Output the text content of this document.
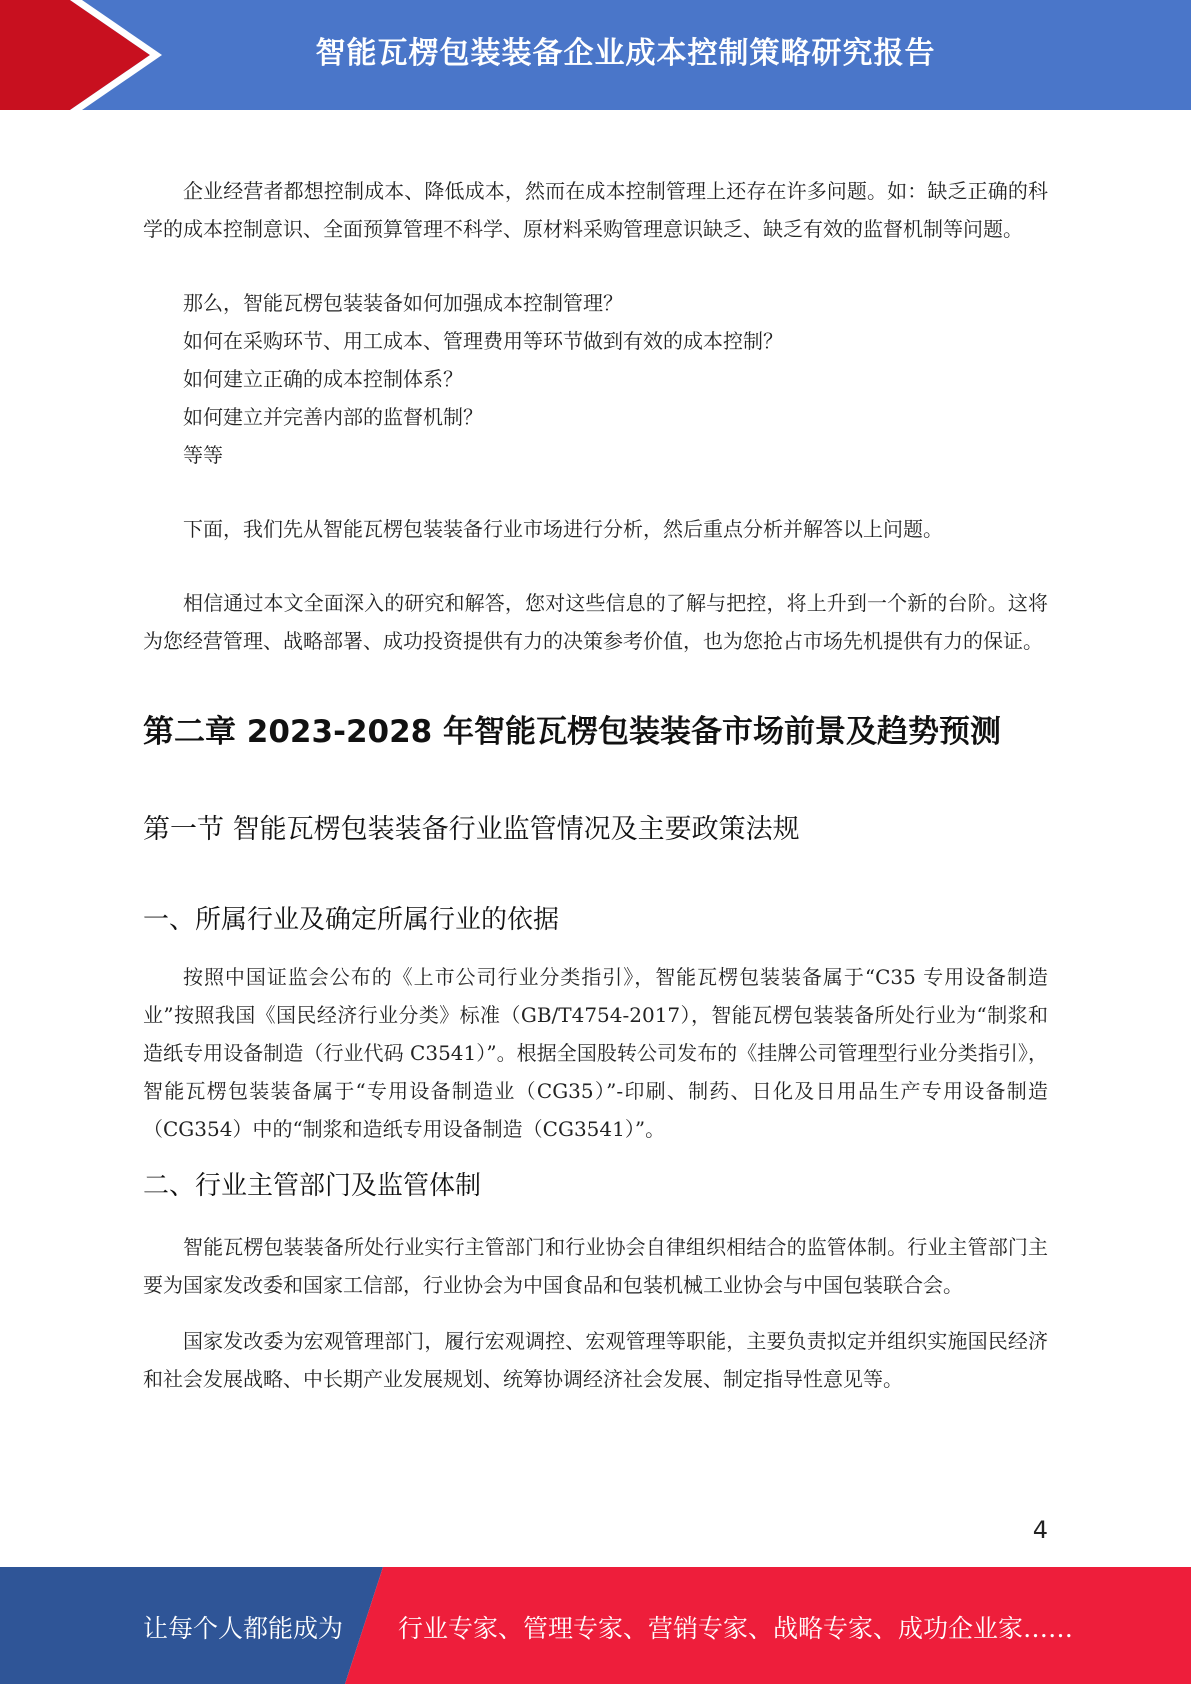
智能瓦楞包装装备企业成本控制策略研究报告

企业经营者都想控制成本、降低成本，然而在成本控制管理上还存在许多问题。如：缺乏正确的科学的成本控制意识、全面预算管理不科学、原材料采购管理意识缺乏、缺乏有效的监督机制等问题。

那么，智能瓦楞包装装备如何加强成本控制管理？

如何在采购环节、用工成本、管理费用等环节做到有效的成本控制？

如何建立正确的成本控制体系？

如何建立并完善内部的监督机制？

等等

下面，我们先从智能瓦楞包装装备行业市场进行分析，然后重点分析并解答以上问题。

相信通过本文全面深入的研究和解答，您对这些信息的了解与把控，将上升到一个新的台阶。这将为您经营管理、战略部署、成功投资提供有力的决策参考价值，也为您抢占市场先机提供有力的保证。

第二章 2023-2028 年智能瓦楞包装装备市场前景及趋势预测
第一节 智能瓦楞包装装备行业监管情况及主要政策法规
一、所属行业及确定所属行业的依据

按照中国证监会公布的《上市公司行业分类指引》，智能瓦楞包装装备属于“C35 专用设备制造业”按照我国《国民经济行业分类》标准（GB/T4754-2017），智能瓦楞包装装备所处行业为“制浆和造纸专用设备制造（行业代码 C3541）”。根据全国股转公司发布的《挂牌公司管理型行业分类指引》，智能瓦楞包装装备属于“专用设备制造业（CG35）”-印刷、制药、日化及日用品生产专用设备制造（CG354）中的“制浆和造纸专用设备制造（CG3541）”。

二、行业主管部门及监管体制

智能瓦楞包装装备所处行业实行主管部门和行业协会自律组织相结合的监管体制。行业主管部门主要为国家发改委和国家工信部，行业协会为中国食品和包装机械工业协会与中国包装联合会。

国家发改委为宏观管理部门，履行宏观调控、宏观管理等职能，主要负责拟定并组织实施国民经济和社会发展战略、中长期产业发展规划、统筹协调经济社会发展、制定指导性意见等。

4
让每个人都能成为 行业专家、管理专家、营销专家、战略专家、成功企业家……
